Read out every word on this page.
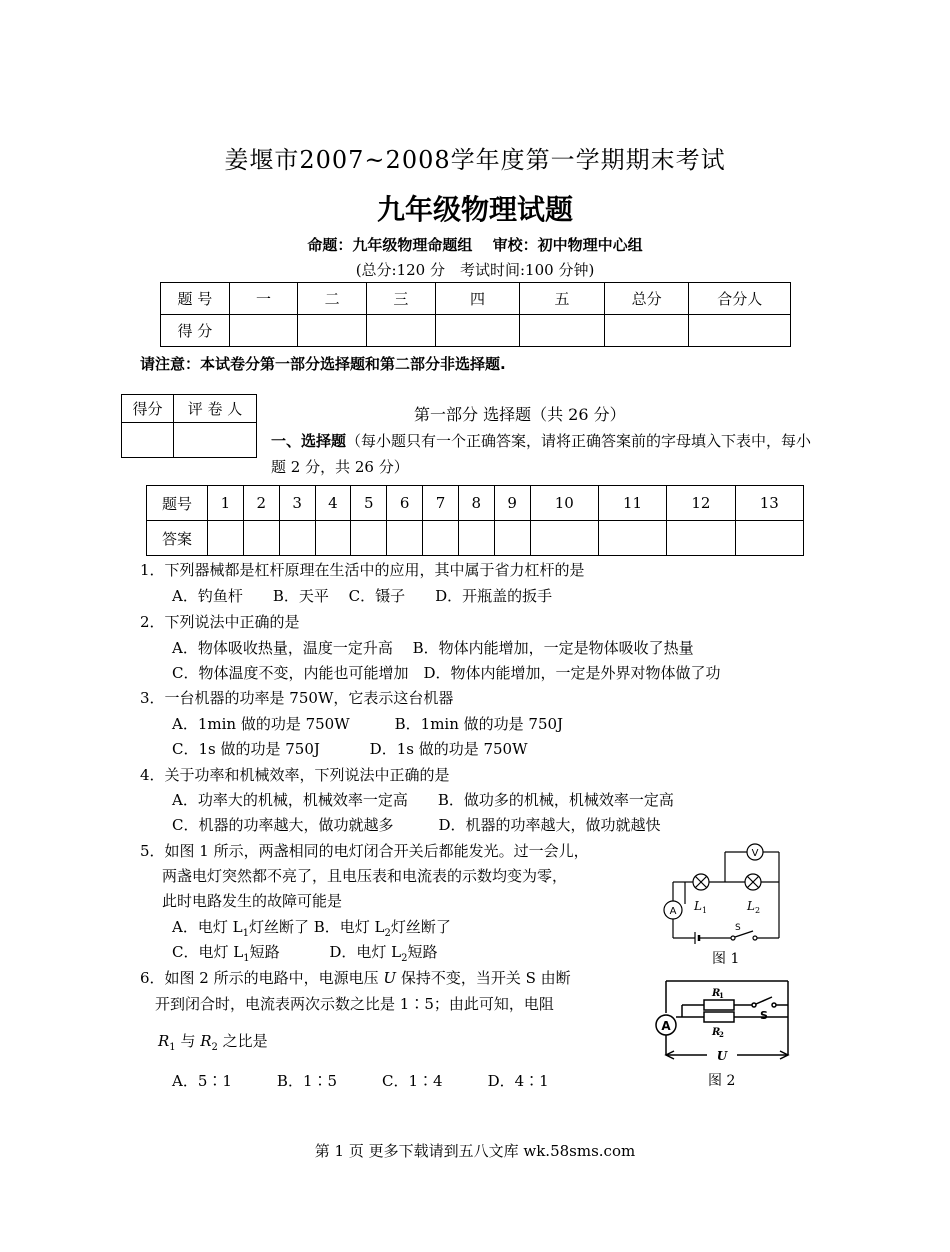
姜堰市2007~2008学年度第一学期期末考试
九年级物理试题
命题：九年级物理命题组　 审校：初中物理中心组
(总分:120 分　考试时间:100 分钟)
题 号	一	二	三	四	五	总分	合分人
得 分							
请注意：本试卷分第一部分选择题和第二部分非选择题.
得分	评 卷 人
		第一部分 选择题（共 26 分）
一、选择题（每小题只有一个正确答案，请将正确答案前的字母填入下表中，每小题 2 分，共 26 分）
题号	1	2	3	4	5	6	7	8	9	10	11	12	13
答案													
1．下列器械都是杠杆原理在生活中的应用，其中属于省力杠杆的是
A．钓鱼杆　　B．天平　 C．镊子　　D．开瓶盖的扳手
2．下列说法中正确的是
A．物体吸收热量，温度一定升高　 B．物体内能增加，一定是物体吸收了热量
C．物体温度不变，内能也可能增加　D．物体内能增加，一定是外界对物体做了功
3．一台机器的功率是 750W，它表示这台机器
A．1min 做的功是 750W　　　B．1min 做的功是 750J
C．1s 做的功是 750J　　　 D．1s 做的功是 750W
4．关于功率和机械效率，下列说法中正确的是
A．功率大的机械，机械效率一定高　　B．做功多的机械，机械效率一定高
C．机器的功率越大，做功就越多　　　D．机器的功率越大，做功就越快
5．如图 1 所示，两盏相同的电灯闭合开关后都能发光。过一会儿，
两盏电灯突然都不亮了，且电压表和电流表的示数均变为零，
此时电路发生的故障可能是
A．电灯 $L_1$灯丝断了 B．电灯 $L_2$灯丝断了
C．电灯 $L_1$短路　　　 D．电灯 $L_2$短路
6．如图 2 所示的电路中，电源电压 U 保持不变，当开关 S 由断
开到闭合时，电流表两次示数之比是 1∶5；由此可知，电阻
$R_1$ 与 $R_2$ 之比是
A．5∶1　　　B．1∶5　　　C．1∶4　　　D．4∶1
V
A L 1	L 2
S
图 1
A
R
1
R
2
S
U
图 2
第 1 页 更多下载请到五八文库 wk.58sms.com
